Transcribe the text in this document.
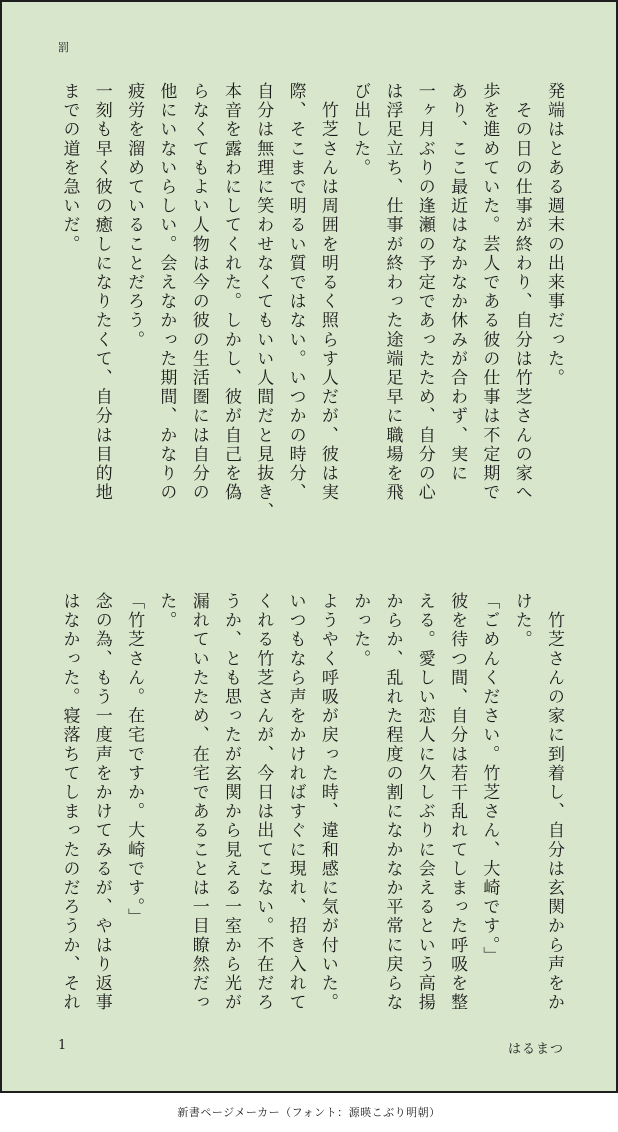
罰
発端はとある週末の出来事だった。
　その日の仕事が終わり、自分は竹芝さんの家へ
歩を進めていた。芸人である彼の仕事は不定期で
あり、ここ最近はなかなか休みが合わず、実に
一ヶ月ぶりの逢瀬の予定であったため、自分の心
は浮足立ち、仕事が終わった途端足早に職場を飛
び出した。
　竹芝さんは周囲を明るく照らす人だが、彼は実
際、そこまで明るい質ではない。いつかの時分、
自分は無理に笑わせなくてもいい人間だと見抜き、
本音を露わにしてくれた。しかし、彼が自己を偽
らなくてもよい人物は今の彼の生活圏には自分の
他にいないらしい。会えなかった期間、かなりの
疲労を溜めていることだろう。
一刻も早く彼の癒しになりたくて、自分は目的地
までの道を急いだ。
　竹芝さんの家に到着し、自分は玄関から声をか
けた。
「ごめんください。竹芝さん、大崎です。」
彼を待つ間、自分は若干乱れてしまった呼吸を整
える。愛しい恋人に久しぶりに会えるという高揚
からか、乱れた程度の割になかなか平常に戻らな
かった。
ようやく呼吸が戻った時、違和感に気が付いた。
いつもなら声をかければすぐに現れ、招き入れて
くれる竹芝さんが、今日は出てこない。不在だろ
うか、とも思ったが玄関から見える一室から光が
漏れていたため、在宅であることは一目瞭然だっ
た。
「竹芝さん。在宅ですか。大崎です。」
念の為、もう一度声をかけてみるが、やはり返事
はなかった。寝落ちてしまったのだろうか、それ
1	はるまつ
新書ページメーカー（フォント：源暎こぶり明朝）
